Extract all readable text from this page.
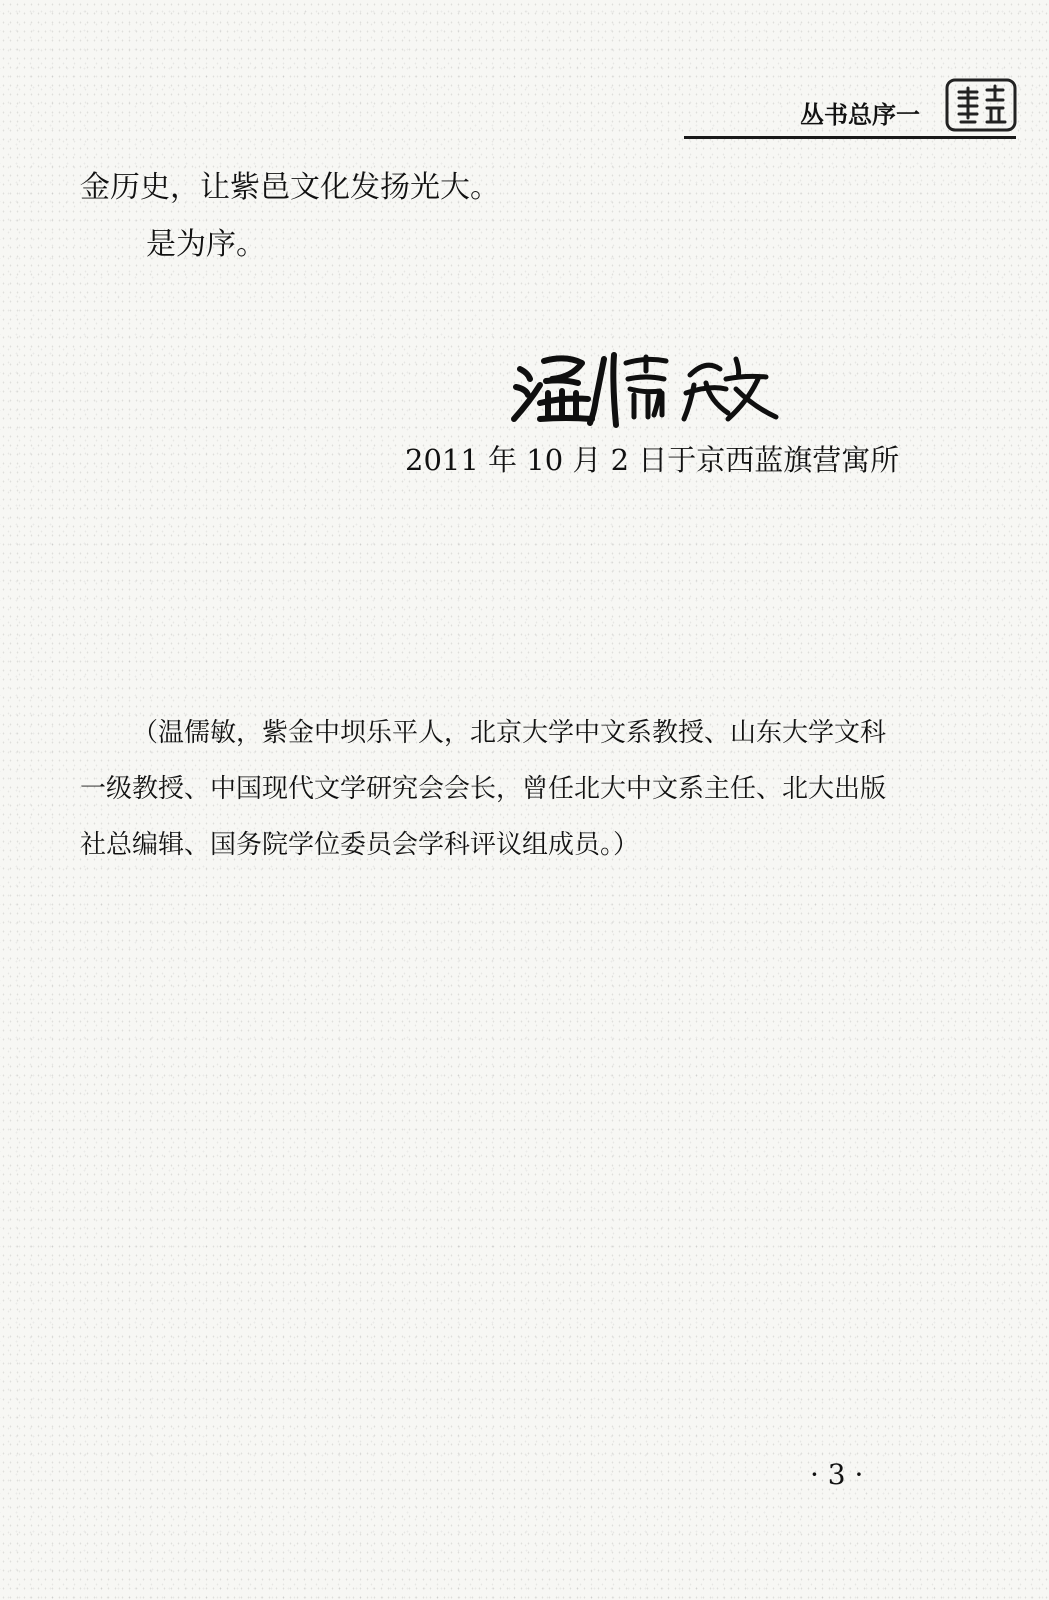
丛书总序一

金历史，让紫邑文化发扬光大。

是为序。

2011 年 10 月 2 日于京西蓝旗营寓所
（温儒敏，紫金中坝乐平人，北京大学中文系教授、山东大学文科
一级教授、中国现代文学研究会会长，曾任北大中文系主任、北大出版
社总编辑、国务院学位委员会学科评议组成员。）
· 3 ·
